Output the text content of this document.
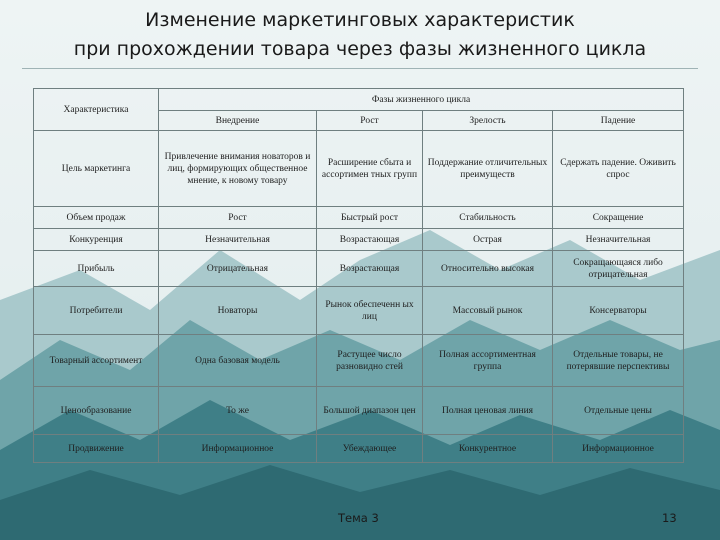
Изменение маркетинговых характеристик
при прохождении товара через фазы жизненного цикла
Характеристика	Фазы жизненного цикла			
	Внедрение	Рост	Зрелость	Падение
Цель маркетинга	Привлечение внимания новаторов и лиц, формирующих общественное мнение, к новому товару	Расширение сбыта и ассортимен тных групп	Поддержание отличительных преимуществ	Сдержать падение. Оживить спрос
Объем продаж	Рост	Быстрый рост	Стабильность	Сокращение
Конкуренция	Незначительная	Возрастающая	Острая	Незначительная
Прибыль	Отрицательная	Возрастающая	Относительно высокая	Сокращающаяся либо отрицательная
Потребители	Новаторы	Рынок обеспеченн ых лиц	Массовый рынок	Консерваторы
Товарный ассортимент	Одна базовая модель	Растущее число разновидно стей	Полная ассортиментная группа	Отдельные товары, не потерявшие перспективы
Ценообразование	То же	Большой диапазон цен	Полная ценовая линия	Отдельные цены
Продвижение	Информационное	Убеждающее	Конкурентное	Информационное
Тема 3	13
